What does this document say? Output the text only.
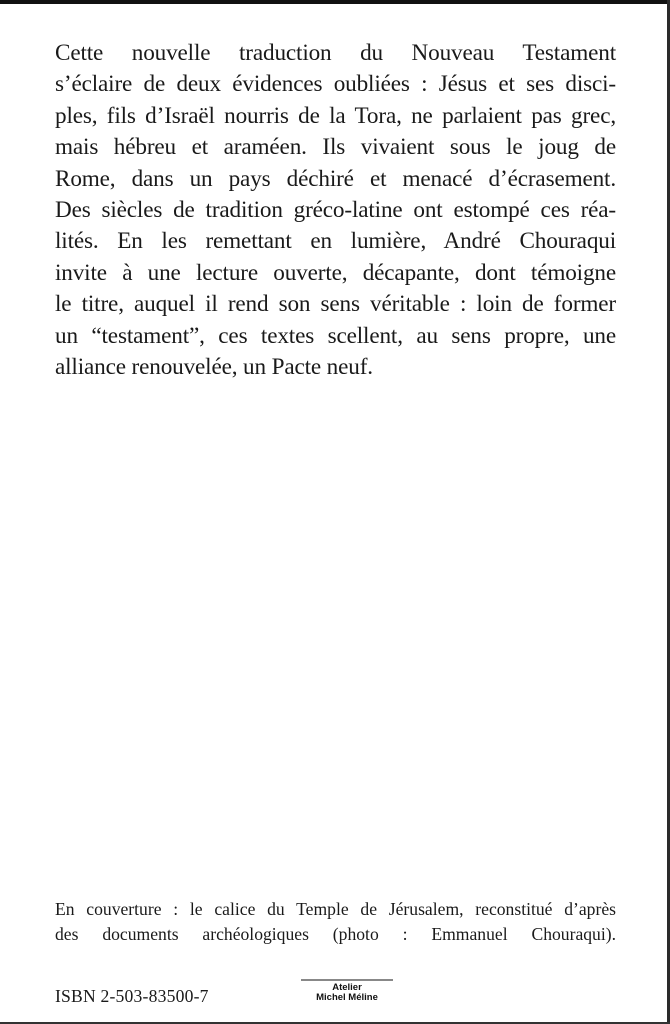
Cette nouvelle traduction du Nouveau Testament
s’éclaire de deux évidences oubliées : Jésus et ses disci-
ples, fils d’Israël nourris de la Tora, ne parlaient pas grec,
mais hébreu et araméen. Ils vivaient sous le joug de
Rome, dans un pays déchiré et menacé d’écrasement.
Des siècles de tradition gréco-latine ont estompé ces réa-
lités. En les remettant en lumière, André Chouraqui
invite à une lecture ouverte, décapante, dont témoigne
le titre, auquel il rend son sens véritable : loin de former
un “testament”, ces textes scellent, au sens propre, une
alliance renouvelée, un Pacte neuf.
En couverture : le calice du Temple de Jérusalem, reconstitué d’après
des documents archéologiques (photo : Emmanuel Chouraqui).
ISBN 2-503-83500-7	Atelier
Michel Méline
